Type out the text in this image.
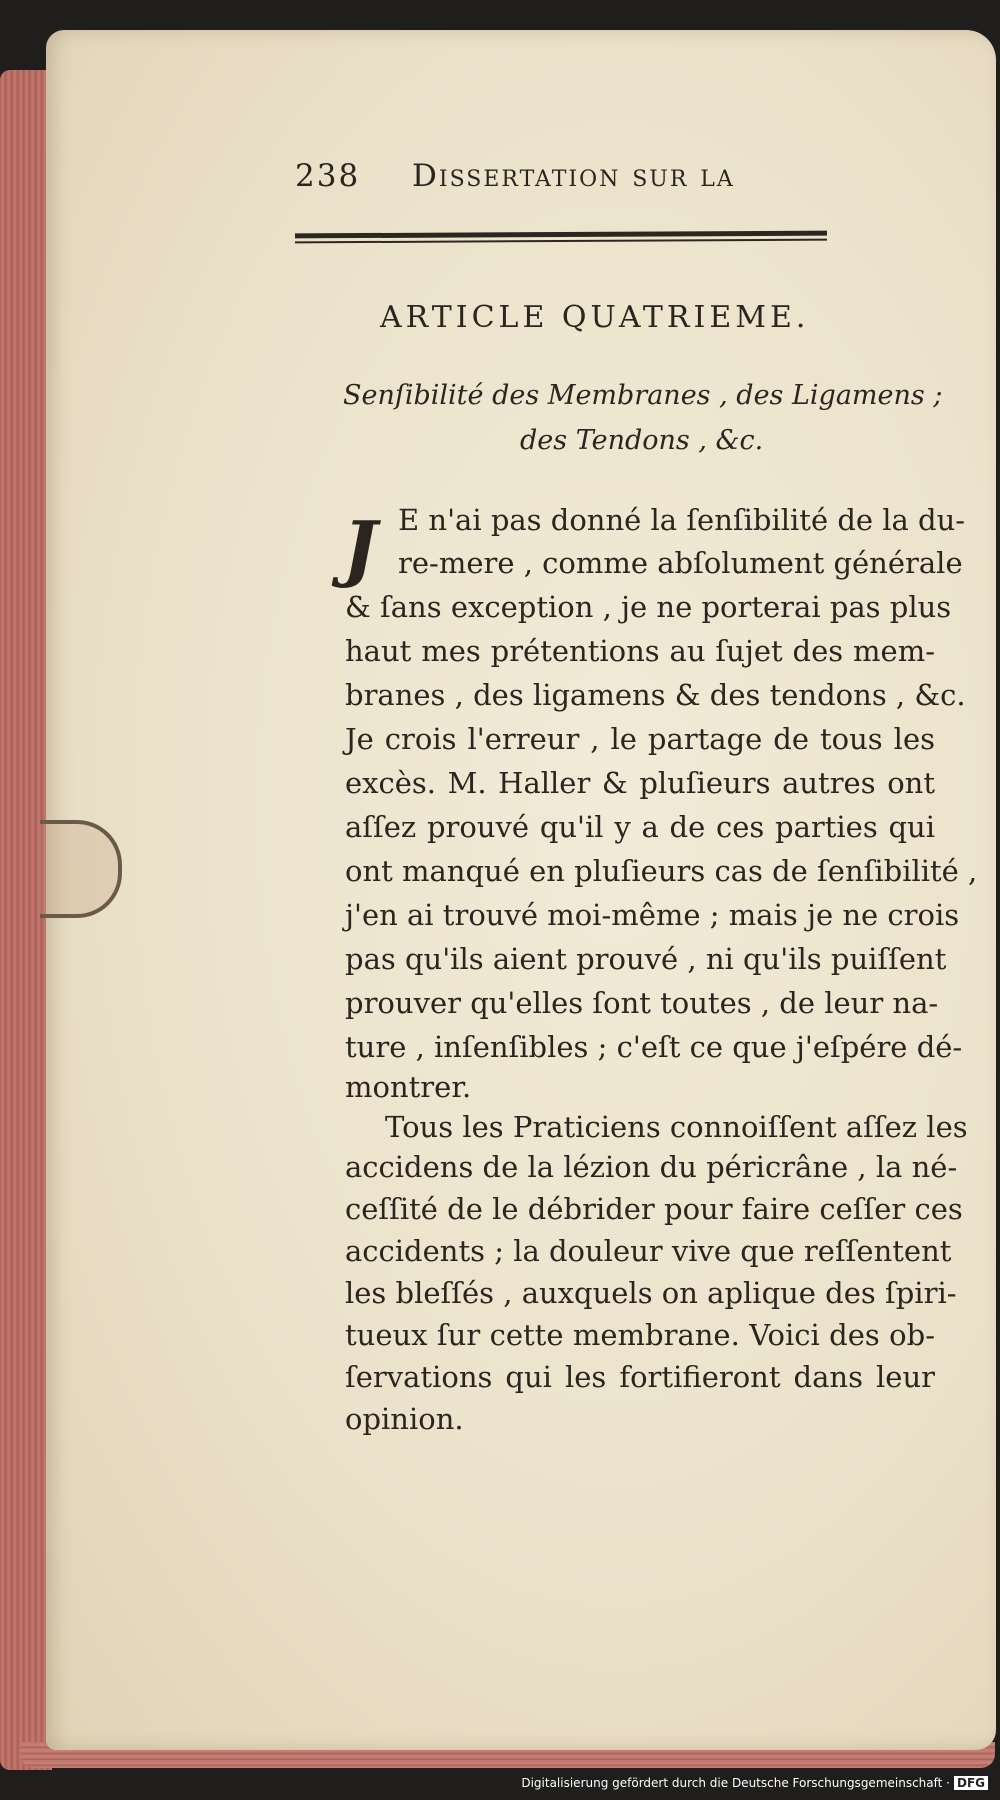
238 Dissertation sur la
ARTICLE QUATRIEME.
Senſibilité des Membranes , des Ligamens ;
des Tendons , &c.
J E n'ai pas donné la ſenſibilité de la du-
re-mere , comme abſolument générale
& ſans exception , je ne porterai pas plus
haut mes prétentions au ſujet des mem-
branes , des ligamens & des tendons , &c.
Je crois l'erreur , le partage de tous les
excès. M. Haller & pluſieurs autres ont
aſſez prouvé qu'il y a de ces parties qui
ont manqué en pluſieurs cas de ſenſibilité ,
j'en ai trouvé moi-même ; mais je ne crois
pas qu'ils aient prouvé , ni qu'ils puiſſent
prouver qu'elles ſont toutes , de leur na-
ture , inſenſibles ; c'eſt ce que j'eſpére dé-
montrer.
Tous les Praticiens connoiſſent aſſez les
accidens de la lézion du péricrâne , la né-
ceſſité de le débrider pour faire ceſſer ces
accidents ; la douleur vive que reſſentent
les bleſſés , auxquels on aplique des ſpiri-
tueux ſur cette membrane. Voici des ob-
ſervations qui les fortifieront dans leur
opinion.
Digitalisierung gefördert durch die Deutsche Forschungsgemeinschaft · DFG
